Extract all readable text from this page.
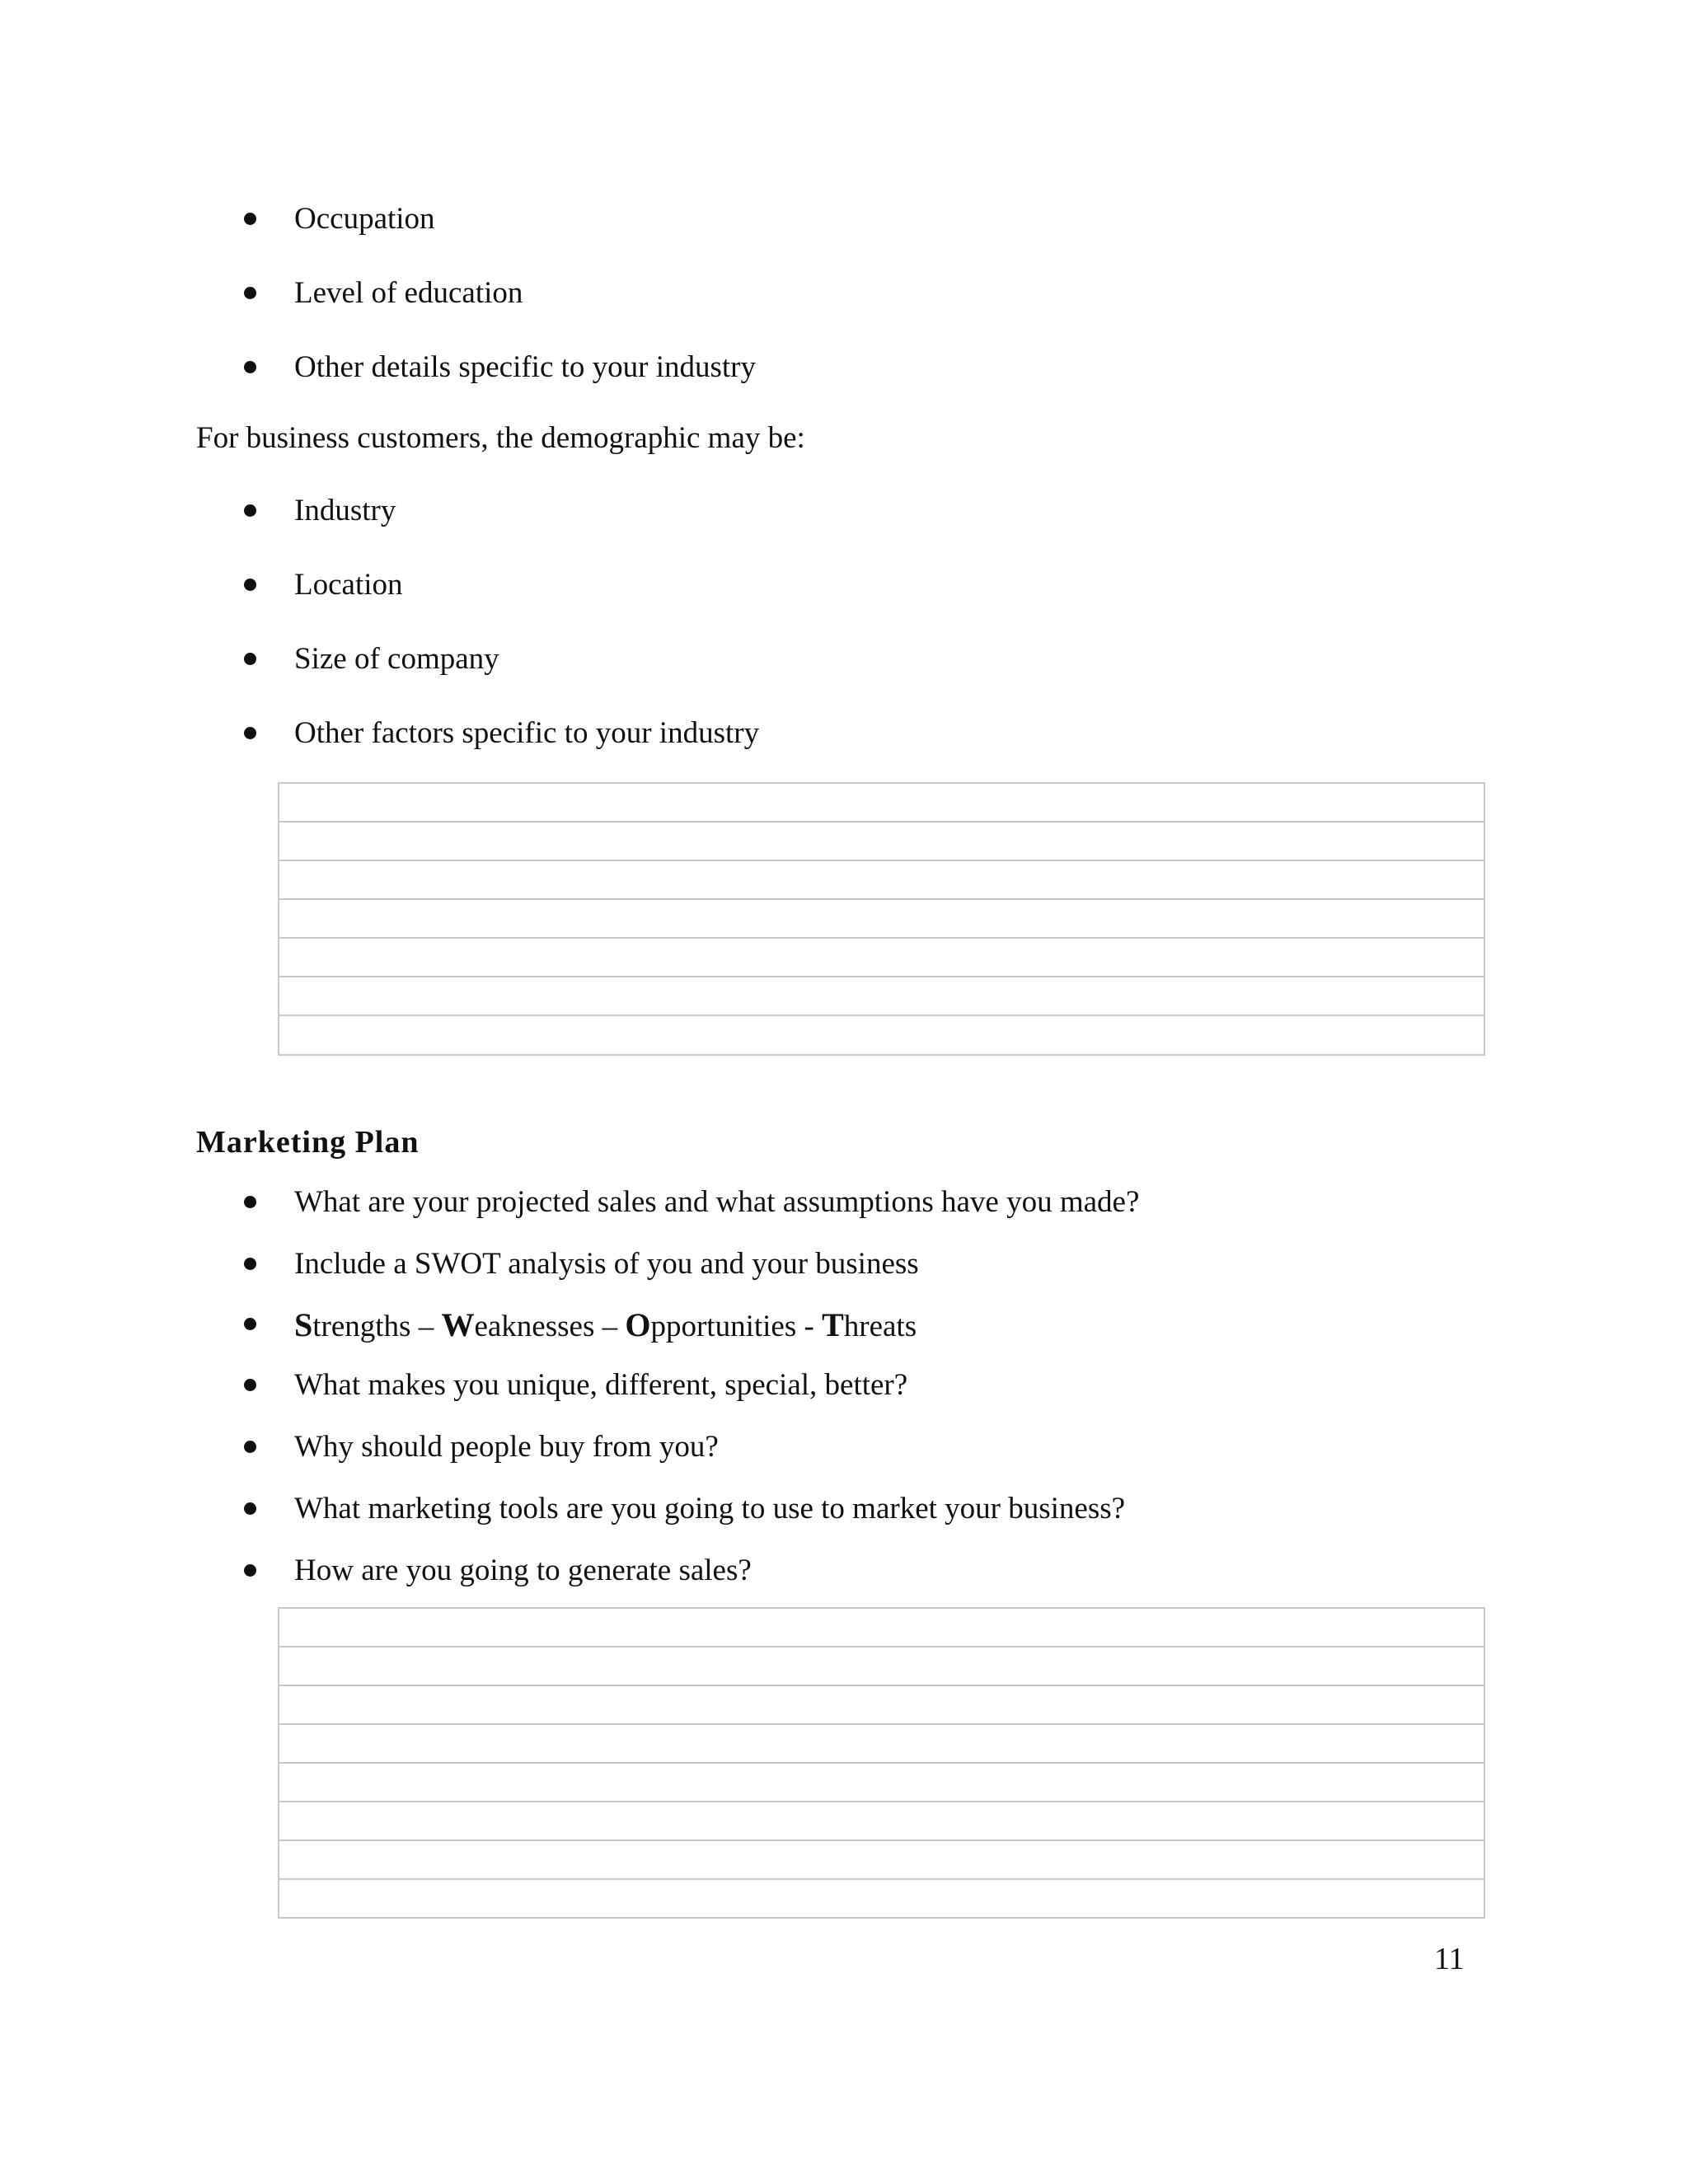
Occupation
Level of education
Other details specific to your industry

For business customers, the demographic may be:

Industry
Location
Size of company
Other factors specific to your industry
Marketing Plan
What are your projected sales and what assumptions have you made?
Include a SWOT analysis of you and your business
Strengths – Weaknesses – Opportunities - Threats
What makes you unique, different, special, better?
Why should people buy from you?
What marketing tools are you going to use to market your business?
How are you going to generate sales?
11
